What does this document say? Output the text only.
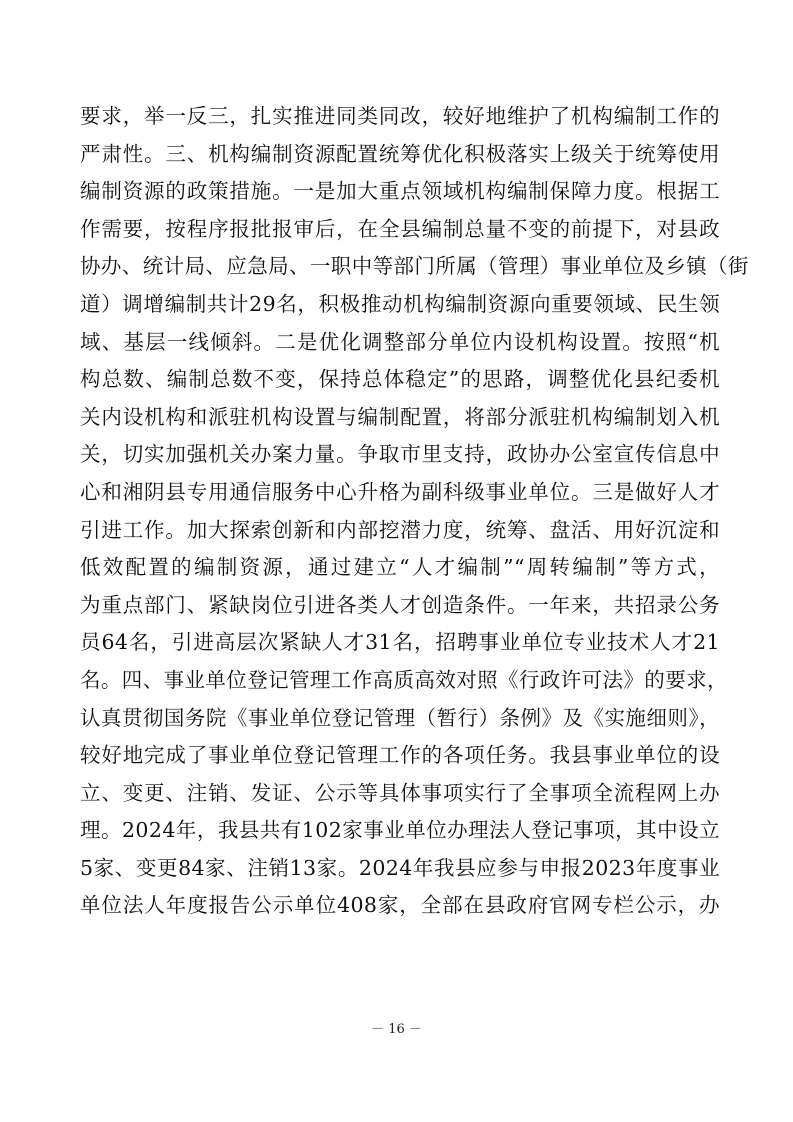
要求，举一反三，扎实推进同类同改，较好地维护了机构编制工作的
严肃性。三、机构编制资源配置统筹优化积极落实上级关于统筹使用
编制资源的政策措施。一是加大重点领域机构编制保障力度。根据工
作需要，按程序报批报审后，在全县编制总量不变的前提下，对县政
协办、统计局、应急局、一职中等部门所属（管理）事业单位及乡镇（街
道）调增编制共计29名，积极推动机构编制资源向重要领域、民生领
域、基层一线倾斜。二是优化调整部分单位内设机构设置。按照“机
构总数、编制总数不变，保持总体稳定”的思路，调整优化县纪委机
关内设机构和派驻机构设置与编制配置，将部分派驻机构编制划入机
关，切实加强机关办案力量。争取市里支持，政协办公室宣传信息中
心和湘阴县专用通信服务中心升格为副科级事业单位。三是做好人才
引进工作。加大探索创新和内部挖潜力度，统筹、盘活、用好沉淀和
低效配置的编制资源，通过建立“人才编制”“周转编制”等方式，
为重点部门、紧缺岗位引进各类人才创造条件。一年来，共招录公务
员64名，引进高层次紧缺人才31名，招聘事业单位专业技术人才21
名。四、事业单位登记管理工作高质高效对照《行政许可法》的要求，
认真贯彻国务院《事业单位登记管理（暂行）条例》及《实施细则》，
较好地完成了事业单位登记管理工作的各项任务。我县事业单位的设
立、变更、注销、发证、公示等具体事项实行了全事项全流程网上办
理。2024年，我县共有102家事业单位办理法人登记事项，其中设立
5家、变更84家、注销13家。2024年我县应参与申报2023年度事业
单位法人年度报告公示单位408家，全部在县政府官网专栏公示，办
－ 16 －
